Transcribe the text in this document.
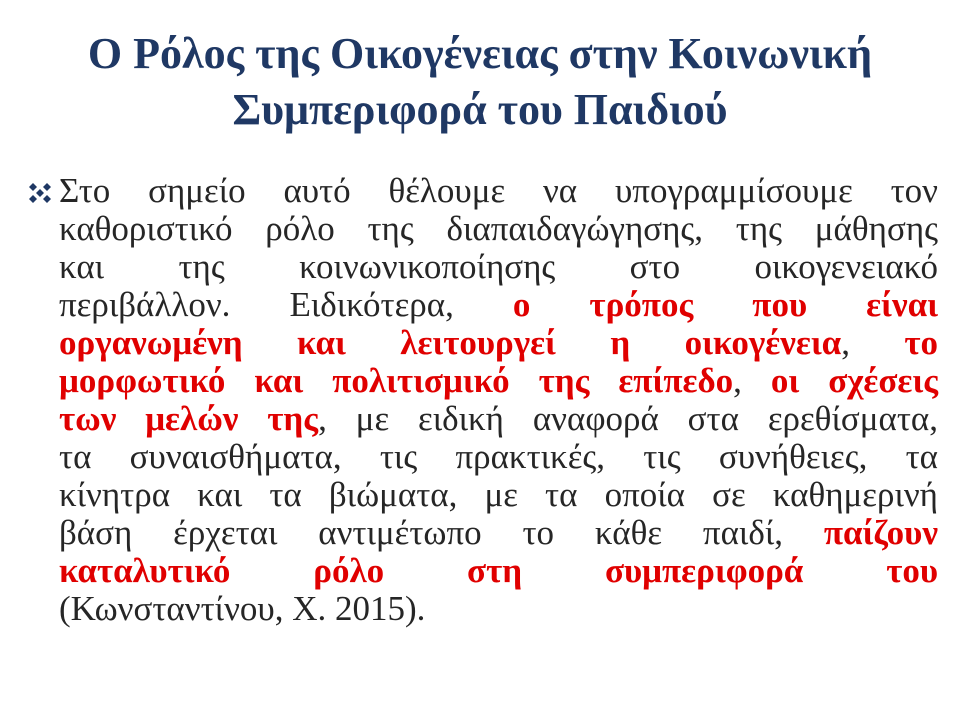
Ο Ρόλος της Οικογένειας στην Κοινωνική
Συμπεριφορά του Παιδιού
Στο σημείο αυτό θέλουμε να υπογραμμίσουμε τον
καθοριστικό ρόλο της διαπαιδαγώγησης, της μάθησης
και της κοινωνικοποίησης στο οικογενειακό
περιβάλλον. Ειδικότερα, ο τρόπος που είναι
οργανωμένη και λειτουργεί η οικογένεια, το
μορφωτικό και πολιτισμικό της επίπεδο, οι σχέσεις
των μελών της, με ειδική αναφορά στα ερεθίσματα,
τα συναισθήματα, τις πρακτικές, τις συνήθειες, τα
κίνητρα και τα βιώματα, με τα οποία σε καθημερινή
βάση έρχεται αντιμέτωπο το κάθε παιδί, παίζουν
καταλυτικό ρόλο στη συμπεριφορά του
(Κωνσταντίνου, Χ. 2015).
